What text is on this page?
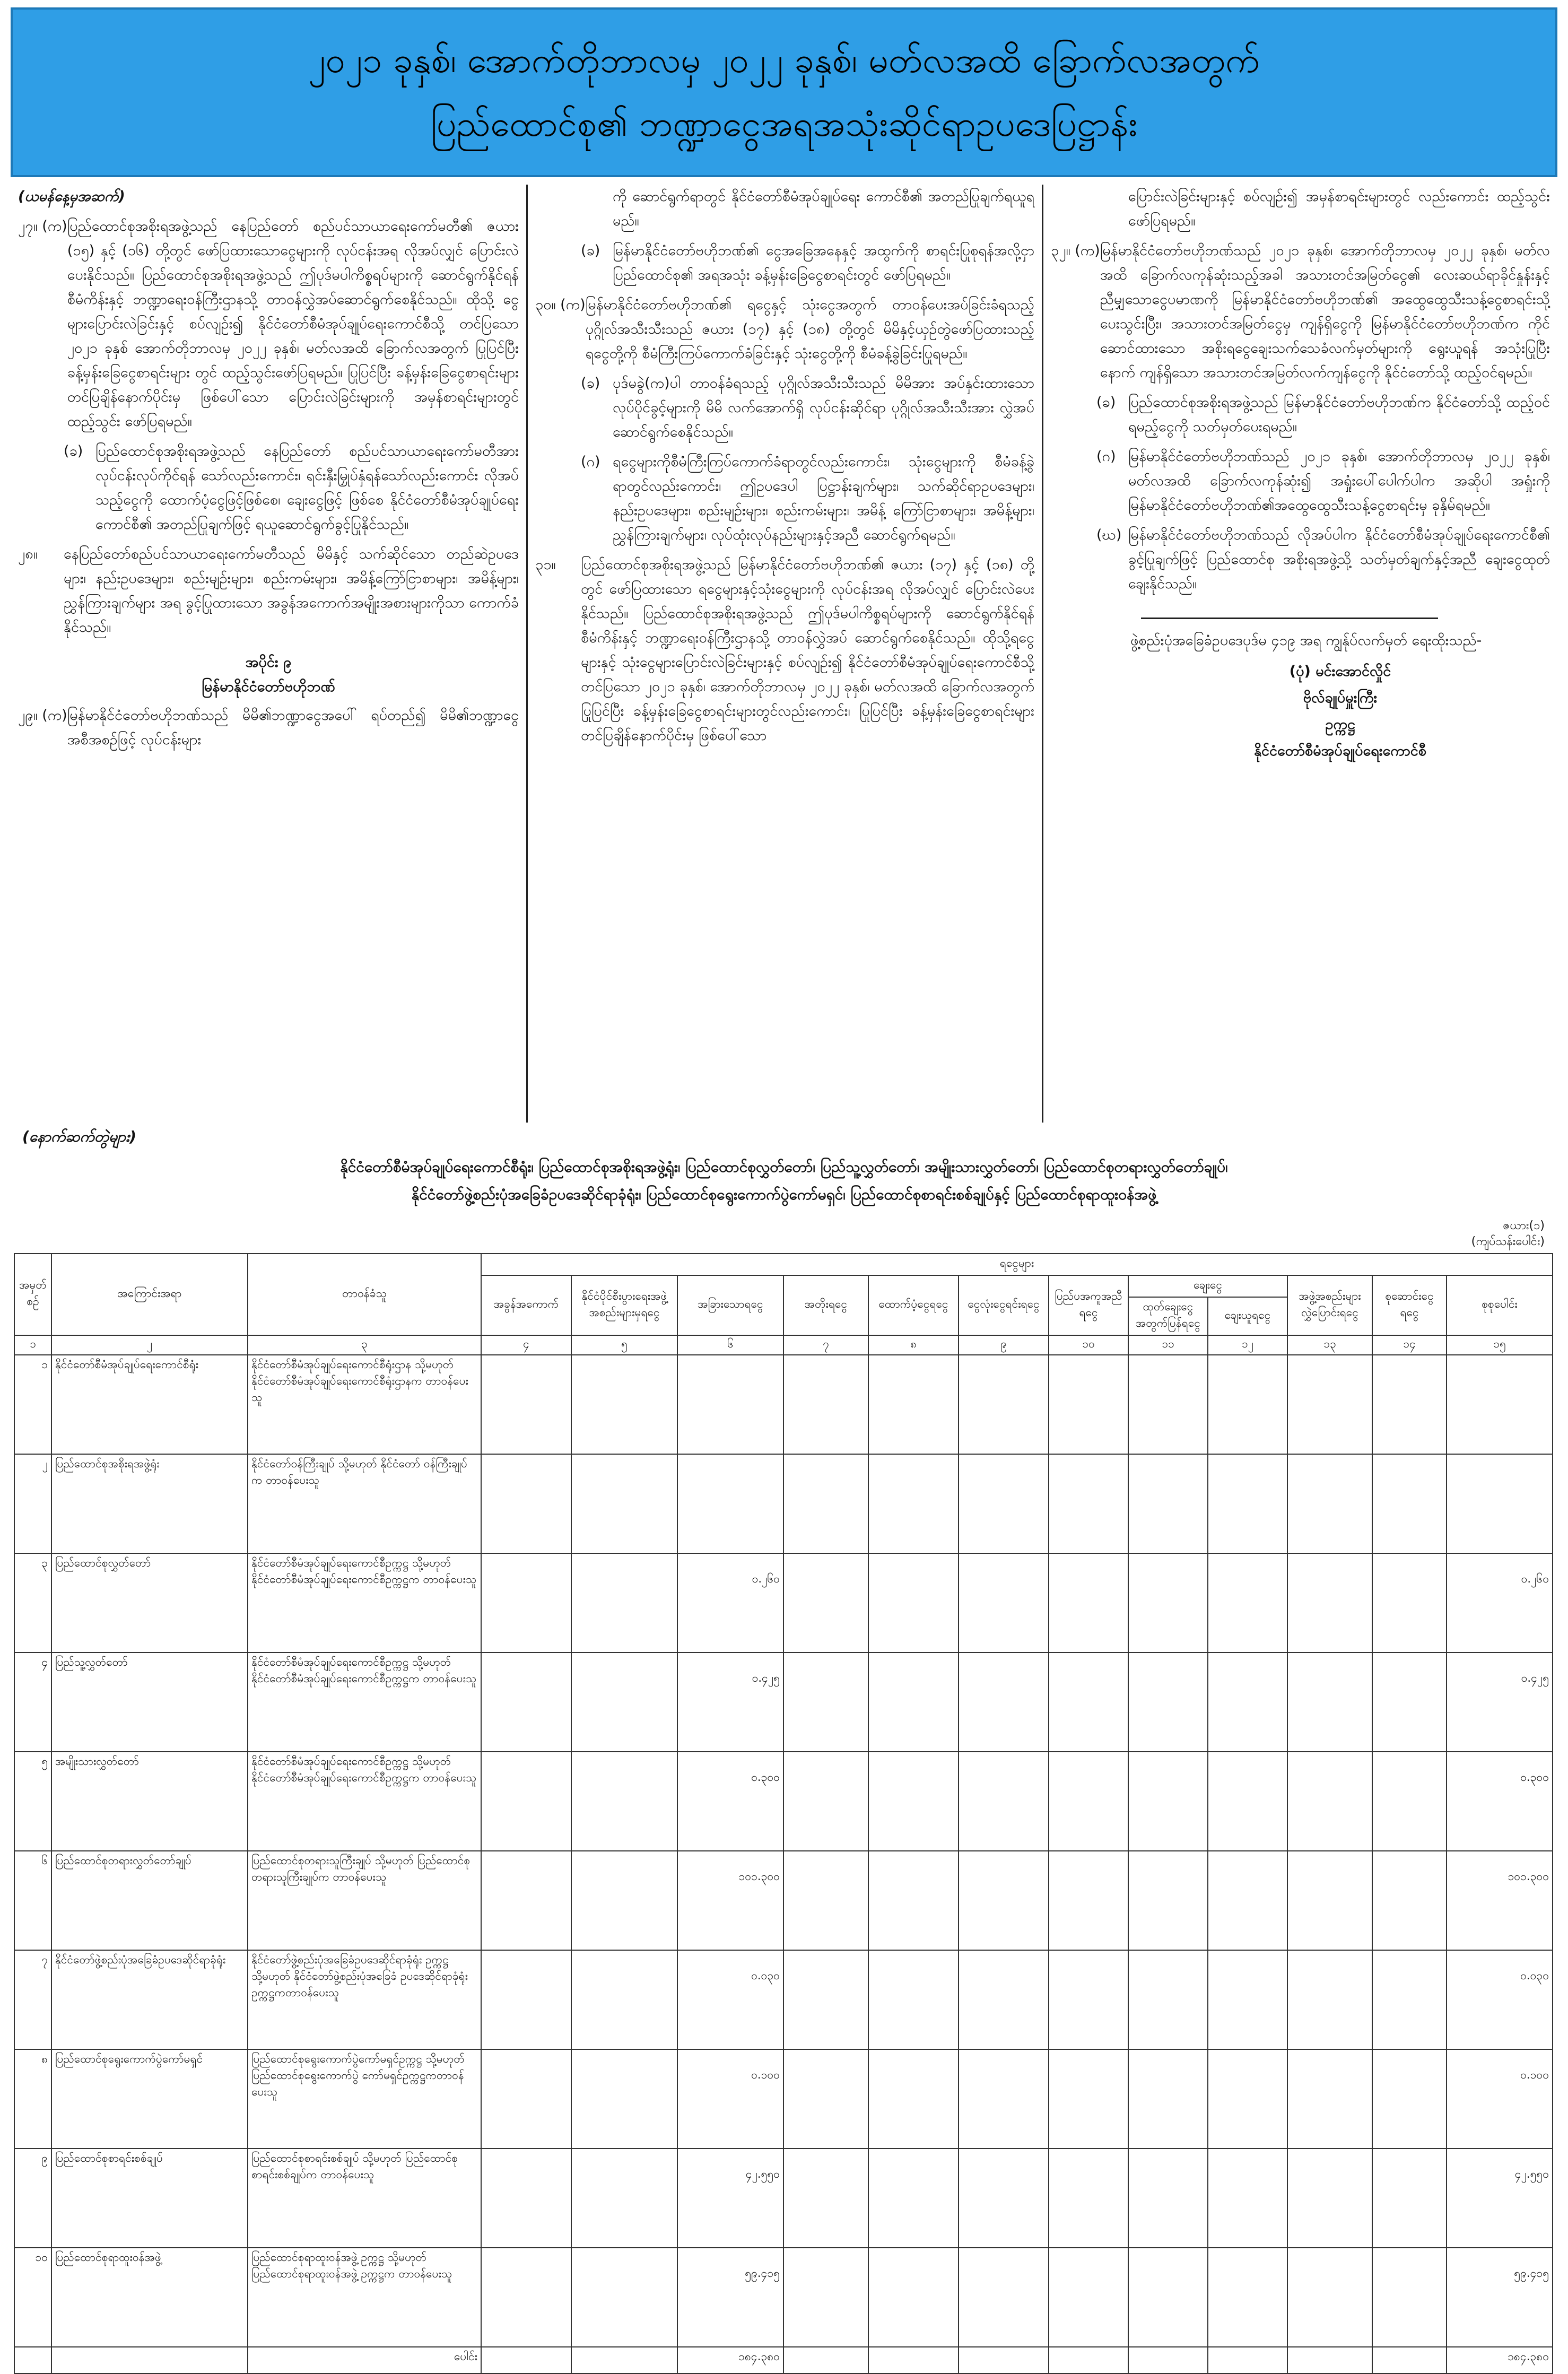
၂၀၂၁ ခုနှစ်၊ အောက်တိုဘာလမှ ၂၀၂၂ ခုနှစ်၊ မတ်လအထိ ခြောက်လအတွက်
ပြည်ထောင်စု၏ ဘဏ္ဍာငွေအရအသုံးဆိုင်ရာဥပဒေပြဋ္ဌာန်း

(ယမန်နေ့မှအဆက်)

၂၇။ (က) ပြည်ထောင်စုအစိုးရအဖွဲ့သည် နေပြည်တော် စည်ပင်သာယာရေးကော်မတီ၏ ဇယား (၁၅) နှင့် (၁၆) တို့တွင် ဖော်ပြထားသောငွေများကို လုပ်ငန်းအရ လိုအပ်လျှင် ပြောင်းလဲပေးနိုင်သည်။ ပြည်ထောင်စုအစိုးရအဖွဲ့သည် ဤပုဒ်မပါကိစ္စရပ်များကို ဆောင်ရွက်နိုင်ရန် စီမံကိန်းနှင့် ဘဏ္ဍာရေးဝန်ကြီးဌာနသို့ တာဝန်လွှဲအပ်ဆောင်ရွက်စေနိုင်သည်။ ထိုသို့ ငွေများပြောင်းလဲခြင်းနှင့် စပ်လျဉ်း၍ နိုင်ငံတော်စီမံအုပ်ချုပ်ရေးကောင်စီသို့ တင်ပြသော ၂၀၂၁ ခုနှစ် အောက်တိုဘာလမှ ၂၀၂၂ ခုနှစ်၊ မတ်လအထိ ခြောက်လအတွက် ပြုပြင်ပြီးခန့်မှန်းခြေငွေစာရင်းများ တွင် ထည့်သွင်းဖော်ပြရမည်။ ပြုပြင်ပြီး ခန့်မှန်းခြေငွေစာရင်းများ တင်ပြချိန်နောက်ပိုင်းမှ ဖြစ်ပေါ်သော ပြောင်းလဲခြင်းများကို အမှန်စာရင်းများတွင် ထည့်သွင်း ဖော်ပြရမည်။
(ခ) ပြည်ထောင်စုအစိုးရအဖွဲ့သည် နေပြည်တော် စည်ပင်သာယာရေးကော်မတီအား လုပ်ငန်းလုပ်ကိုင်ရန် သော်လည်းကောင်း၊ ရင်းနှီးမြှုပ်နှံရန်သော်လည်းကောင်း လိုအပ်သည့်ငွေကို ထောက်ပံ့ငွေဖြင့်ဖြစ်စေ၊ ချေးငွေဖြင့် ဖြစ်စေ နိုင်ငံတော်စီမံအုပ်ချုပ်ရေးကောင်စီ၏ အတည်ပြုချက်ဖြင့် ရယူဆောင်ရွက်ခွင့်ပြုနိုင်သည်။
၂၈။	နေပြည်တော်စည်ပင်သာယာရေးကော်မတီသည် မိမိနှင့် သက်ဆိုင်သော တည်ဆဲဥပဒေများ၊ နည်းဥပဒေများ၊ စည်းမျဉ်းများ၊ စည်းကမ်းများ၊ အမိန့်ကြော်ငြာစာများ၊ အမိန့်များ၊ ညွှန်ကြားချက်များ အရ ခွင့်ပြုထားသော အခွန်အကောက်အမျိုးအစားများကိုသာ ကောက်ခံနိုင်သည်။
အပိုင်း ၉
မြန်မာနိုင်ငံတော်ဗဟိုဘဏ်
၂၉။ (က) မြန်မာနိုင်ငံတော်ဗဟိုဘဏ်သည် မိမိ၏ဘဏ္ဍာငွေအပေါ် ရပ်တည်၍ မိမိ၏ဘဏ္ဍာငွေအစီအစဉ်ဖြင့် လုပ်ငန်းများ
ကို ဆောင်ရွက်ရာတွင် နိုင်ငံတော်စီမံအုပ်ချုပ်ရေး ကောင်စီ၏ အတည်ပြုချက်ရယူရမည်။
(ခ) မြန်မာနိုင်ငံတော်ဗဟိုဘဏ်၏ ငွေအခြေအနေနှင့် အထွက်ကို စာရင်းပြုစုရန်အလို့ငှာ ပြည်ထောင်စု၏ အရအသုံး ခန့်မှန်းခြေငွေစာရင်းတွင် ဖော်ပြရမည်။
၃၀။ (က) မြန်မာနိုင်ငံတော်ဗဟိုဘဏ်၏ ရငွေနှင့် သုံးငွေအတွက် တာဝန်ပေးအပ်ခြင်းခံရသည့် ပုဂ္ဂိုလ်အသီးသီးသည် ဇယား (၁၇) နှင့် (၁၈) တို့တွင် မိမိနှင့်ယှဉ်တွဲဖော်ပြထားသည့် ရငွေတို့ကို စီမံကြီးကြပ်ကောက်ခံခြင်းနှင့် သုံးငွေတို့ကို စီမံခန့်ခွဲခြင်းပြုရမည်။
(ခ) ပုဒ်မခွဲ(က)ပါ တာဝန်ခံရသည့် ပုဂ္ဂိုလ်အသီးသီးသည် မိမိအား အပ်နှင်းထားသော လုပ်ပိုင်ခွင့်များကို မိမိ လက်အောက်ရှိ လုပ်ငန်းဆိုင်ရာ ပုဂ္ဂိုလ်အသီးသီးအား လွှဲအပ် ဆောင်ရွက်စေနိုင်သည်။
(ဂ) ရငွေများကိုစီမံကြီးကြပ်ကောက်ခံရာတွင်လည်းကောင်း၊ သုံးငွေများကို စီမံခန့်ခွဲရာတွင်လည်းကောင်း၊ ဤဥပဒေပါ ပြဋ္ဌာန်းချက်များ၊ သက်ဆိုင်ရာဥပဒေများ၊ နည်းဥပဒေများ၊ စည်းမျဉ်းများ၊ စည်းကမ်းများ၊ အမိန့် ကြော်ငြာစာများ၊ အမိန့်များ၊ ညွှန်ကြားချက်များ၊ လုပ်ထုံးလုပ်နည်းများနှင့်အညီ ဆောင်ရွက်ရမည်။
၃၁။	ပြည်ထောင်စုအစိုးရအဖွဲ့သည် မြန်မာနိုင်ငံတော်ဗဟိုဘဏ်၏ ဇယား (၁၇) နှင့် (၁၈) တို့တွင် ဖော်ပြထားသော ရငွေများနှင့်သုံးငွေများကို လုပ်ငန်းအရ လိုအပ်လျှင် ပြောင်းလဲပေးနိုင်သည်။ ပြည်ထောင်စုအစိုးရအဖွဲ့သည် ဤပုဒ်မပါကိစ္စရပ်များကို ဆောင်ရွက်နိုင်ရန် စီမံကိန်းနှင့် ဘဏ္ဍာရေးဝန်ကြီးဌာနသို့ တာဝန်လွှဲအပ် ဆောင်ရွက်စေနိုင်သည်။ ထိုသို့ရငွေများနှင့် သုံးငွေများပြောင်းလဲခြင်းများနှင့် စပ်လျဉ်း၍ နိုင်ငံတော်စီမံအုပ်ချုပ်ရေးကောင်စီသို့တင်ပြသော ၂၀၂၁ ခုနှစ်၊ အောက်တိုဘာလမှ ၂၀၂၂ ခုနှစ်၊ မတ်လအထိ ခြောက်လအတွက် ပြုပြင်ပြီး ခန့်မှန်းခြေငွေစာရင်းများတွင်လည်းကောင်း၊ ပြုပြင်ပြီး ခန့်မှန်းခြေငွေစာရင်းများ တင်ပြချိန်နောက်ပိုင်းမှ ဖြစ်ပေါ်သော
ပြောင်းလဲခြင်းများနှင့် စပ်လျဉ်း၍ အမှန်စာရင်းများတွင် လည်းကောင်း ထည့်သွင်း ဖော်ပြရမည်။
၃၂။ (က) မြန်မာနိုင်ငံတော်ဗဟိုဘဏ်သည် ၂၀၂၁ ခုနှစ်၊ အောက်တိုဘာလမှ ၂၀၂၂ ခုနှစ်၊ မတ်လအထိ ခြောက်လကုန်ဆုံးသည့်အခါ အသားတင်အမြတ်ငွေ၏ လေးဆယ်ရာခိုင်နှုန်းနှင့် ညီမျှသောငွေပမာဏကို မြန်မာနိုင်ငံတော်ဗဟိုဘဏ်၏ အထွေထွေသီးသန့်ငွေစာရင်းသို့ ပေးသွင်းပြီး၊ အသားတင်အမြတ်ငွေမှ ကျန်ရှိငွေကို မြန်မာနိုင်ငံတော်ဗဟိုဘဏ်က ကိုင်ဆောင်ထားသော အစိုးရငွေချေးသက်သေခံလက်မှတ်များကို ရွေးယူရန် အသုံးပြုပြီး နောက် ကျန်ရှိသော အသားတင်အမြတ်လက်ကျန်ငွေကို နိုင်ငံတော်သို့ ထည့်ဝင်ရမည်။
(ခ) ပြည်ထောင်စုအစိုးရအဖွဲ့သည် မြန်မာနိုင်ငံတော်ဗဟိုဘဏ်က နိုင်ငံတော်သို့ ထည့်ဝင်ရမည့်ငွေကို သတ်မှတ်ပေးရမည်။
(ဂ) မြန်မာနိုင်ငံတော်ဗဟိုဘဏ်သည် ၂၀၂၁ ခုနှစ်၊ အောက်တိုဘာလမှ ၂၀၂၂ ခုနှစ်၊ မတ်လအထိ ခြောက်လကုန်ဆုံး၍ အရှုံးပေါ်ပေါက်ပါက အဆိုပါ အရှုံးကို မြန်မာနိုင်ငံတော်ဗဟိုဘဏ်၏အထွေထွေသီးသန့်ငွေစာရင်းမှ ခုနှိမ်ရမည်။
(ဃ) မြန်မာနိုင်ငံတော်ဗဟိုဘဏ်သည် လိုအပ်ပါက နိုင်ငံတော်စီမံအုပ်ချုပ်ရေးကောင်စီ၏ ခွင့်ပြုချက်ဖြင့် ပြည်ထောင်စု အစိုးရအဖွဲ့သို့ သတ်မှတ်ချက်နှင့်အညီ ချေးငွေထုတ်ချေးနိုင်သည်။

ဖွဲ့စည်းပုံအခြေခံဥပဒေပုဒ်မ ၄၁၉ အရ ကျွန်ုပ်လက်မှတ် ရေးထိုးသည်-

(ပုံ) မင်းအောင်လှိုင်
ဗိုလ်ချုပ်မှူးကြီး
ဥက္ကဋ္ဌ
နိုင်ငံတော်စီမံအုပ်ချုပ်ရေးကောင်စီ
(နောက်ဆက်တွဲများ)
နိုင်ငံတော်စီမံအုပ်ချုပ်ရေးကောင်စီရုံး၊ ပြည်ထောင်စုအစိုးရအဖွဲ့ရုံး၊ ပြည်ထောင်စုလွှတ်တော်၊ ပြည်သူ့လွှတ်တော်၊ အမျိုးသားလွှတ်တော်၊ ပြည်ထောင်စုတရားလွှတ်တော်ချုပ်၊
နိုင်ငံတော်ဖွဲ့စည်းပုံအခြေခံဥပဒေဆိုင်ရာခုံရုံး၊ ပြည်ထောင်စုရွေးကောက်ပွဲကော်မရှင်၊ ပြည်ထောင်စုစာရင်းစစ်ချုပ်နှင့် ပြည်ထောင်စုရာထူးဝန်အဖွဲ့
ဇယား(၁)
(ကျပ်သန်းပေါင်း)
အမှတ်စဉ်	အကြောင်းအရာ	တာဝန်ခံသူ	ရငွေများ											
			အခွန်အကောက်	နိုင်ငံပိုင်စီးပွားရေးအဖွဲ့အစည်းများမှရငွေ	အခြားသောရငွေ	အတိုးရငွေ	ထောက်ပံ့ငွေရငွေ	ငွေလုံးငွေရင်းရငွေ	ပြည်ပအကူအညီရငွေ	ချေးငွေ		အဖွဲ့အစည်းများလွှဲပြောင်းရငွေ	စုဆောင်းငွေရငွေ	စုစုပေါင်း
										ထုတ်ချေးငွေအတွက်ပြန်ရငွေ	ချေးယူရငွေ			
၁	၂	၃	၄	၅	၆	၇	၈	၉	၁၀	၁၁	၁၂	၁၃	၁၄	၁၅
၁	နိုင်ငံတော်စီမံအုပ်ချုပ်ရေးကောင်စီရုံး	နိုင်ငံတော်စီမံအုပ်ချုပ်ရေးကောင်စီရုံးဌာန သို့မဟုတ် နိုင်ငံတော်စီမံအုပ်ချုပ်ရေးကောင်စီရုံးဌာနက တာဝန်ပေးသူ												
၂	ပြည်ထောင်စုအစိုးရအဖွဲ့ရုံး	နိုင်ငံတော်ဝန်ကြီးချုပ် သို့မဟုတ် နိုင်ငံတော် ဝန်ကြီးချုပ်က တာဝန်ပေးသူ												
၃	ပြည်ထောင်စုလွှတ်တော်	နိုင်ငံတော်စီမံအုပ်ချုပ်ရေးကောင်စီဥက္ကဋ္ဌ သို့မဟုတ် နိုင်ငံတော်စီမံအုပ်ချုပ်ရေးကောင်စီဥက္ကဋ္ဌက တာဝန်ပေးသူ			၀.၂၆၀									၀.၂၆၀
၄	ပြည်သူ့လွှတ်တော်	နိုင်ငံတော်စီမံအုပ်ချုပ်ရေးကောင်စီဥက္ကဋ္ဌ သို့မဟုတ် နိုင်ငံတော်စီမံအုပ်ချုပ်ရေးကောင်စီဥက္ကဋ္ဌက တာဝန်ပေးသူ			၀.၄၂၅									၀.၄၂၅
၅	အမျိုးသားလွှတ်တော်	နိုင်ငံတော်စီမံအုပ်ချုပ်ရေးကောင်စီဥက္ကဋ္ဌ သို့မဟုတ် နိုင်ငံတော်စီမံအုပ်ချုပ်ရေးကောင်စီဥက္ကဋ္ဌက တာဝန်ပေးသူ			၀.၃၀၀									၀.၃၀၀
၆	ပြည်ထောင်စုတရားလွှတ်တော်ချုပ်	ပြည်ထောင်စုတရားသူကြီးချုပ် သို့မဟုတ် ပြည်ထောင်စုတရားသူကြီးချုပ်က တာဝန်ပေးသူ			၁၀၁.၃၀၀									၁၀၁.၃၀၀
၇	နိုင်ငံတော်ဖွဲ့စည်းပုံအခြေခံဥပဒေဆိုင်ရာခုံရုံး	နိုင်ငံတော်ဖွဲ့စည်းပုံအခြေခံဥပဒေဆိုင်ရာခုံရုံး ဥက္ကဋ္ဌ သို့မဟုတ် နိုင်ငံတော်ဖွဲ့စည်းပုံအခြေခံ ဥပဒေဆိုင်ရာခုံရုံး ဥက္ကဋ္ဌကတာဝန်ပေးသူ			၀.၀၃၀									၀.၀၃၀
၈	ပြည်ထောင်စုရွေးကောက်ပွဲကော်မရှင်	ပြည်ထောင်စုရွေးကောက်ပွဲကော်မရှင်ဥက္ကဋ္ဌ သို့မဟုတ် ပြည်ထောင်စုရွေးကောက်ပွဲ ကော်မရှင်ဥက္ကဋ္ဌကတာဝန်ပေးသူ			၀.၁၀၀									၀.၁၀၀
၉	ပြည်ထောင်စုစာရင်းစစ်ချုပ်	ပြည်ထောင်စုစာရင်းစစ်ချုပ် သို့မဟုတ် ပြည်ထောင်စုစာရင်းစစ်ချုပ်က တာဝန်ပေးသူ			၄၂.၅၅၀									၄၂.၅၅၀
၁၀	ပြည်ထောင်စုရာထူးဝန်အဖွဲ့	ပြည်ထောင်စုရာထူးဝန်အဖွဲ့ ဥက္ကဋ္ဌ သို့မဟုတ် ပြည်ထောင်စုရာထူးဝန်အဖွဲ့ ဥက္ကဋ္ဌက တာဝန်ပေးသူ			၅၉.၄၁၅									၅၉.၄၁၅
		ပေါင်း			၁၈၄.၃၈၀									၁၈၄.၃၈၀
